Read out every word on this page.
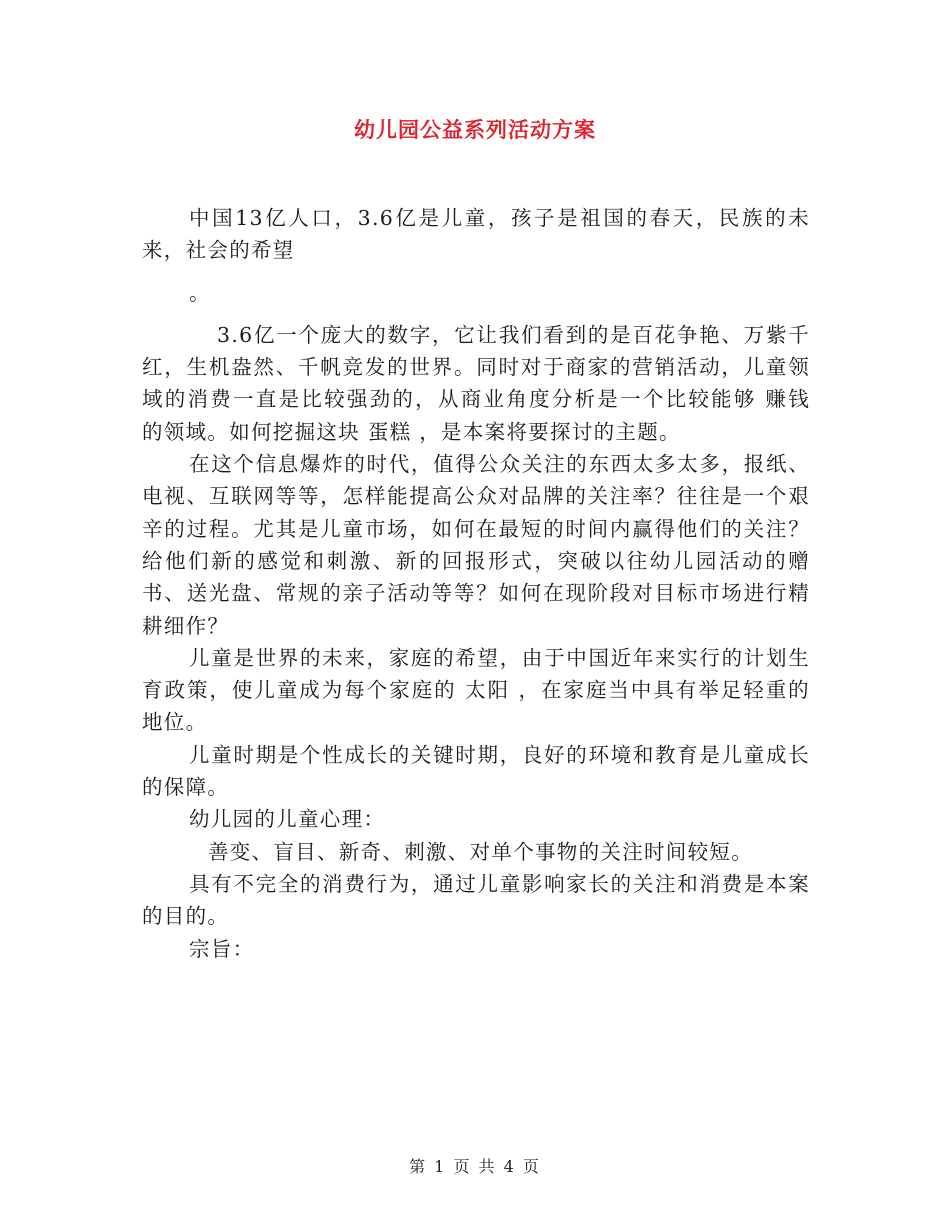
幼儿园公益系列活动方案

中国13亿人口，3.6亿是儿童，孩子是祖国的春天，民族的未来，社会的希望

。

3.6亿一个庞大的数字，它让我们看到的是百花争艳、万紫千红，生机盎然、千帆竞发的世界。同时对于商家的营销活动，儿童领域的消费一直是比较强劲的，从商业角度分析是一个比较能够 赚钱 的领域。如何挖掘这块 蛋糕 ，是本案将要探讨的主题。

在这个信息爆炸的时代，值得公众关注的东西太多太多，报纸、电视、互联网等等，怎样能提高公众对品牌的关注率？往往是一个艰辛的过程。尤其是儿童市场，如何在最短的时间内赢得他们的关注？给他们新的感觉和刺激、新的回报形式，突破以往幼儿园活动的赠书、送光盘、常规的亲子活动等等？如何在现阶段对目标市场进行精耕细作？

儿童是世界的未来，家庭的希望，由于中国近年来实行的计划生育政策，使儿童成为每个家庭的 太阳 ，在家庭当中具有举足轻重的地位。

儿童时期是个性成长的关键时期，良好的环境和教育是儿童成长的保障。

幼儿园的儿童心理：

善变、盲目、新奇、刺激、对单个事物的关注时间较短。

具有不完全的消费行为，通过儿童影响家长的关注和消费是本案的目的。

宗旨：

第 1 页 共 4 页
